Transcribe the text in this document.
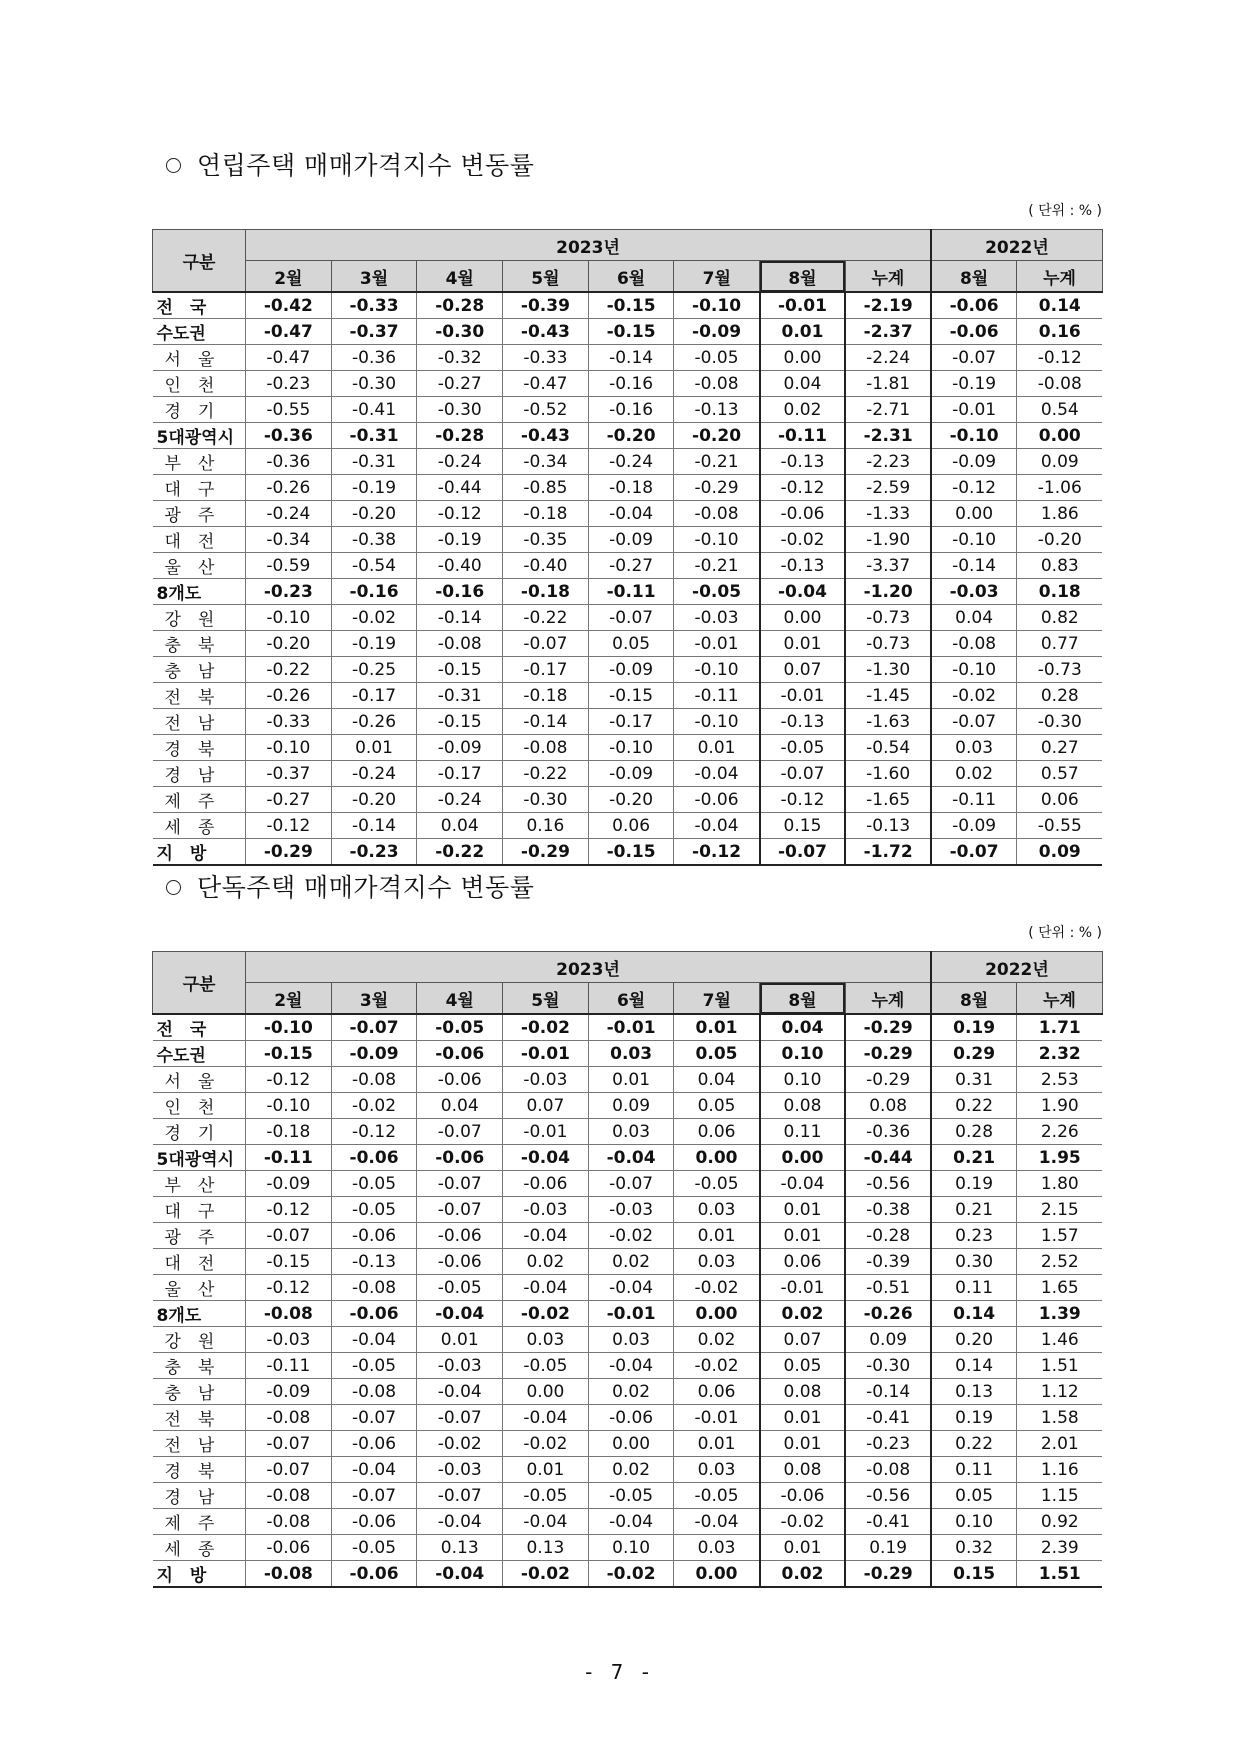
연립주택 매매가격지수 변동률
( 단위 : % )
구분	2023년								2022년	
	2월	3월	4월	5월	6월	7월	8월	누계	8월	누계
전　국	-0.42	-0.33	-0.28	-0.39	-0.15	-0.10	-0.01	-2.19	-0.06	0.14
수도권	-0.47	-0.37	-0.30	-0.43	-0.15	-0.09	0.01	-2.37	-0.06	0.16
서　울	-0.47	-0.36	-0.32	-0.33	-0.14	-0.05	0.00	-2.24	-0.07	-0.12
인　천	-0.23	-0.30	-0.27	-0.47	-0.16	-0.08	0.04	-1.81	-0.19	-0.08
경　기	-0.55	-0.41	-0.30	-0.52	-0.16	-0.13	0.02	-2.71	-0.01	0.54
5대광역시	-0.36	-0.31	-0.28	-0.43	-0.20	-0.20	-0.11	-2.31	-0.10	0.00
부　산	-0.36	-0.31	-0.24	-0.34	-0.24	-0.21	-0.13	-2.23	-0.09	0.09
대　구	-0.26	-0.19	-0.44	-0.85	-0.18	-0.29	-0.12	-2.59	-0.12	-1.06
광　주	-0.24	-0.20	-0.12	-0.18	-0.04	-0.08	-0.06	-1.33	0.00	1.86
대　전	-0.34	-0.38	-0.19	-0.35	-0.09	-0.10	-0.02	-1.90	-0.10	-0.20
울　산	-0.59	-0.54	-0.40	-0.40	-0.27	-0.21	-0.13	-3.37	-0.14	0.83
8개도	-0.23	-0.16	-0.16	-0.18	-0.11	-0.05	-0.04	-1.20	-0.03	0.18
강　원	-0.10	-0.02	-0.14	-0.22	-0.07	-0.03	0.00	-0.73	0.04	0.82
충　북	-0.20	-0.19	-0.08	-0.07	0.05	-0.01	0.01	-0.73	-0.08	0.77
충　남	-0.22	-0.25	-0.15	-0.17	-0.09	-0.10	0.07	-1.30	-0.10	-0.73
전　북	-0.26	-0.17	-0.31	-0.18	-0.15	-0.11	-0.01	-1.45	-0.02	0.28
전　남	-0.33	-0.26	-0.15	-0.14	-0.17	-0.10	-0.13	-1.63	-0.07	-0.30
경　북	-0.10	0.01	-0.09	-0.08	-0.10	0.01	-0.05	-0.54	0.03	0.27
경　남	-0.37	-0.24	-0.17	-0.22	-0.09	-0.04	-0.07	-1.60	0.02	0.57
제　주	-0.27	-0.20	-0.24	-0.30	-0.20	-0.06	-0.12	-1.65	-0.11	0.06
세　종	-0.12	-0.14	0.04	0.16	0.06	-0.04	0.15	-0.13	-0.09	-0.55
지　방	-0.29	-0.23	-0.22	-0.29	-0.15	-0.12	-0.07	-1.72	-0.07	0.09
단독주택 매매가격지수 변동률
( 단위 : % )
구분	2023년								2022년	
	2월	3월	4월	5월	6월	7월	8월	누계	8월	누계
전　국	-0.10	-0.07	-0.05	-0.02	-0.01	0.01	0.04	-0.29	0.19	1.71
수도권	-0.15	-0.09	-0.06	-0.01	0.03	0.05	0.10	-0.29	0.29	2.32
서　울	-0.12	-0.08	-0.06	-0.03	0.01	0.04	0.10	-0.29	0.31	2.53
인　천	-0.10	-0.02	0.04	0.07	0.09	0.05	0.08	0.08	0.22	1.90
경　기	-0.18	-0.12	-0.07	-0.01	0.03	0.06	0.11	-0.36	0.28	2.26
5대광역시	-0.11	-0.06	-0.06	-0.04	-0.04	0.00	0.00	-0.44	0.21	1.95
부　산	-0.09	-0.05	-0.07	-0.06	-0.07	-0.05	-0.04	-0.56	0.19	1.80
대　구	-0.12	-0.05	-0.07	-0.03	-0.03	0.03	0.01	-0.38	0.21	2.15
광　주	-0.07	-0.06	-0.06	-0.04	-0.02	0.01	0.01	-0.28	0.23	1.57
대　전	-0.15	-0.13	-0.06	0.02	0.02	0.03	0.06	-0.39	0.30	2.52
울　산	-0.12	-0.08	-0.05	-0.04	-0.04	-0.02	-0.01	-0.51	0.11	1.65
8개도	-0.08	-0.06	-0.04	-0.02	-0.01	0.00	0.02	-0.26	0.14	1.39
강　원	-0.03	-0.04	0.01	0.03	0.03	0.02	0.07	0.09	0.20	1.46
충　북	-0.11	-0.05	-0.03	-0.05	-0.04	-0.02	0.05	-0.30	0.14	1.51
충　남	-0.09	-0.08	-0.04	0.00	0.02	0.06	0.08	-0.14	0.13	1.12
전　북	-0.08	-0.07	-0.07	-0.04	-0.06	-0.01	0.01	-0.41	0.19	1.58
전　남	-0.07	-0.06	-0.02	-0.02	0.00	0.01	0.01	-0.23	0.22	2.01
경　북	-0.07	-0.04	-0.03	0.01	0.02	0.03	0.08	-0.08	0.11	1.16
경　남	-0.08	-0.07	-0.07	-0.05	-0.05	-0.05	-0.06	-0.56	0.05	1.15
제　주	-0.08	-0.06	-0.04	-0.04	-0.04	-0.04	-0.02	-0.41	0.10	0.92
세　종	-0.06	-0.05	0.13	0.13	0.10	0.03	0.01	0.19	0.32	2.39
지　방	-0.08	-0.06	-0.04	-0.02	-0.02	0.00	0.02	-0.29	0.15	1.51
- 7 -
